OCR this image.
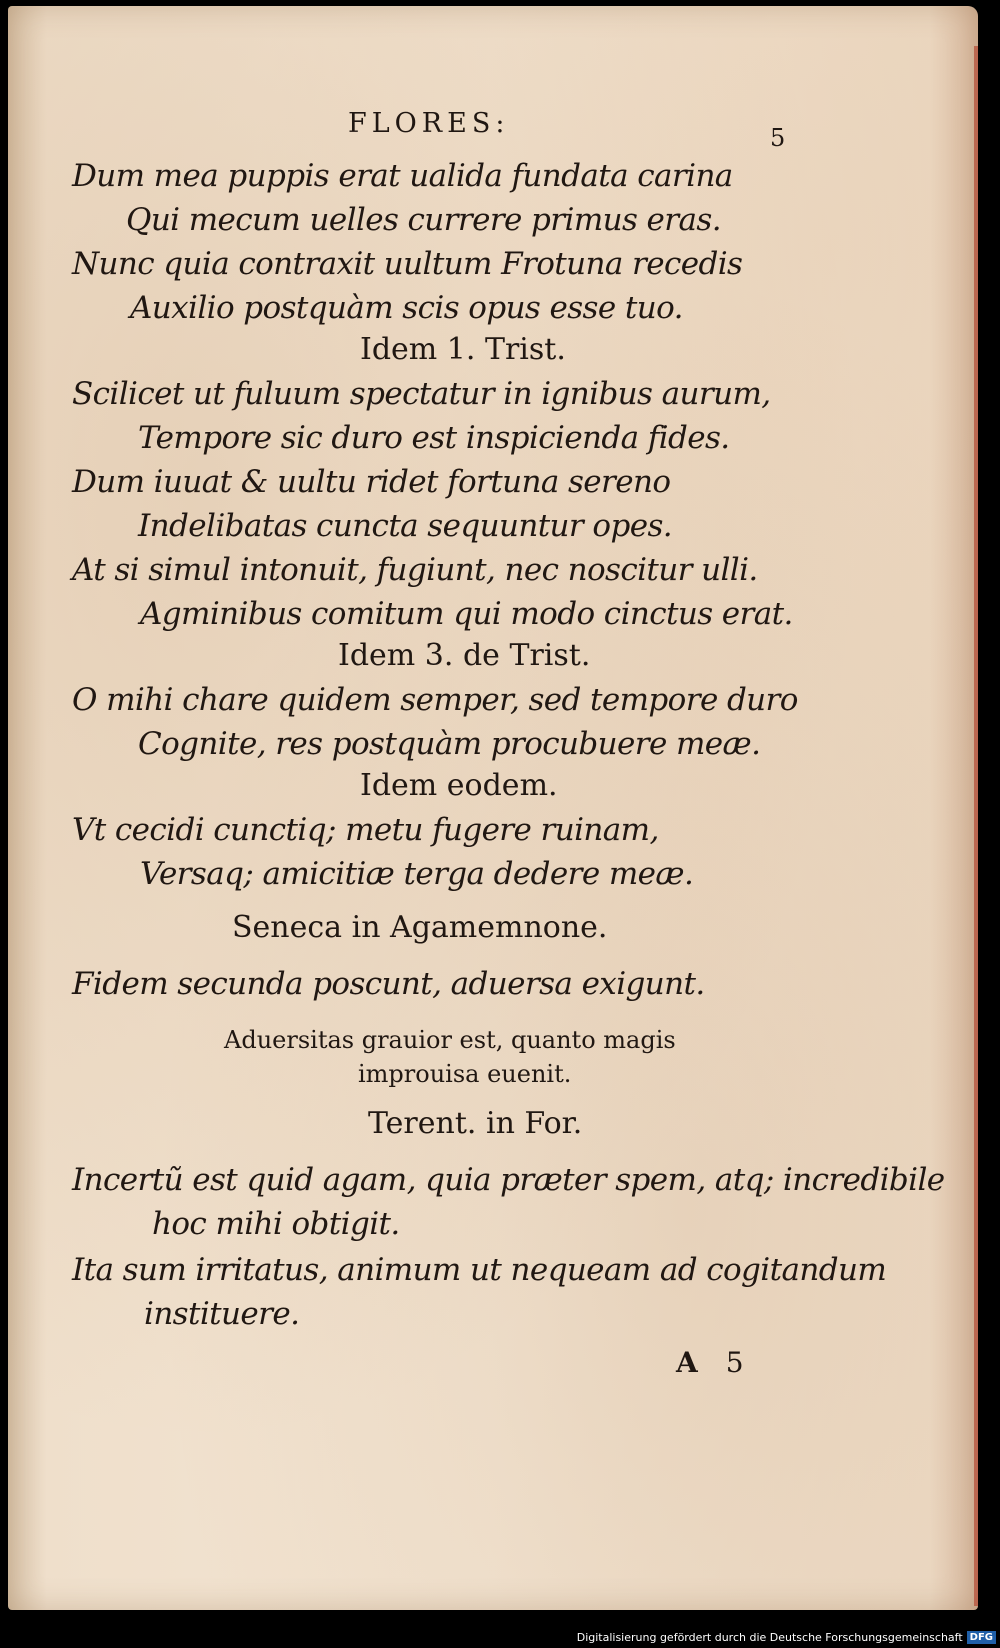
FLORES:	5
Dum mea puppis erat ualida fundata carina
Qui mecum uelles currere primus eras.
Nunc quia contraxit uultum Frotuna recedis
Auxilio postquàm scis opus esse tuo.
Idem 1. Trist.
Scilicet ut fuluum spectatur in ignibus aurum,
Tempore sic duro est inspicienda fides.
Dum iuuat & uultu ridet fortuna sereno
Indelibatas cuncta sequuntur opes.
At si simul intonuit, fugiunt, nec noscitur ulli.
Agminibus comitum qui modo cinctus erat.
Idem 3. de Trist.
O mihi chare quidem semper, sed tempore duro
Cognite, res postquàm procubuere meæ.
Idem eodem.
Vt cecidi cunctiq; metu fugere ruinam,
Versaq; amicitiæ terga dedere meæ.
Seneca in Agamemnone.
Fidem secunda poscunt, aduersa exigunt.
Aduersitas grauior est, quanto magis
improuisa euenit.
Terent. in For.
Incertũ est quid agam, quia præter spem, atq; incredibile
hoc mihi obtigit.
Ita sum irritatus, animum ut nequeam ad cogitandum
instituere.
A 5
Digitalisierung gefördert durch die Deutsche Forschungsgemeinschaft DFG
